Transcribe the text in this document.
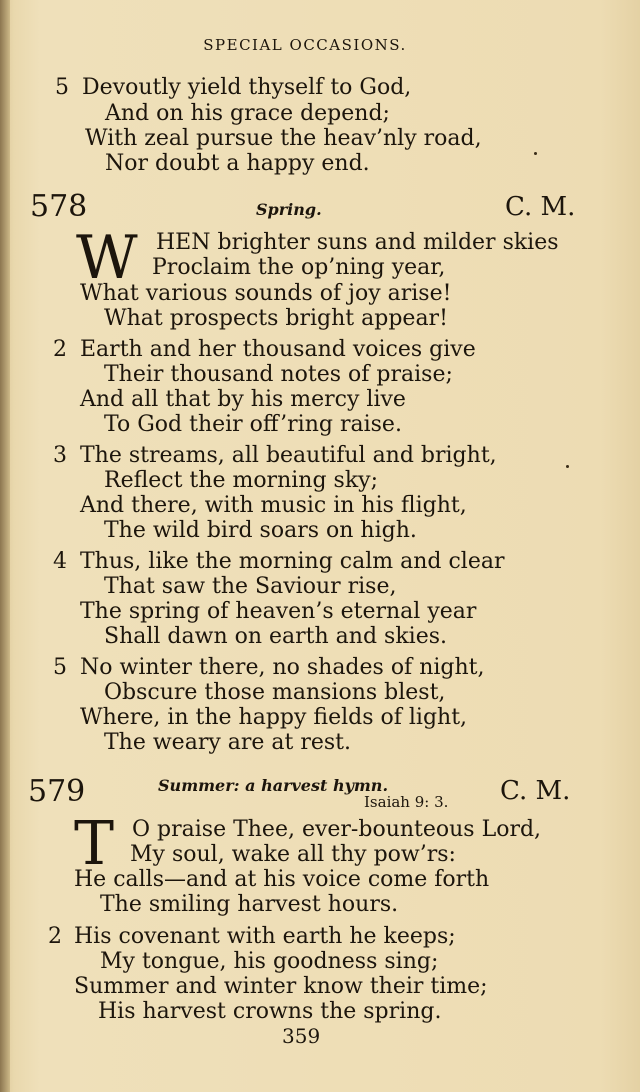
SPECIAL OCCASIONS.
5 Devoutly yield thyself to God,
And on his grace depend;
With zeal pursue the heav’nly road,
Nor doubt a happy end.
578	Spring.	C. M.
W HEN brighter suns and milder skies
Proclaim the op’ning year,
What various sounds of joy arise!
What prospects bright appear!
2 Earth and her thousand voices give
Their thousand notes of praise;
And all that by his mercy live
To God their off’ring raise.
3 The streams, all beautiful and bright,
Reflect the morning sky;
And there, with music in his flight,
The wild bird soars on high.
4 Thus, like the morning calm and clear
That saw the Saviour rise,
The spring of heaven’s eternal year
Shall dawn on earth and skies.
5 No winter there, no shades of night,
Obscure those mansions blest,
Where, in the happy fields of light,
The weary are at rest.
579	Summer: a harvest hymn.
Isaiah 9: 3. C. M.
T O praise Thee, ever-bounteous Lord,
My soul, wake all thy pow’rs:
He calls—and at his voice come forth
The smiling harvest hours.
2 His covenant with earth he keeps;
My tongue, his goodness sing;
Summer and winter know their time;
His harvest crowns the spring.
359
